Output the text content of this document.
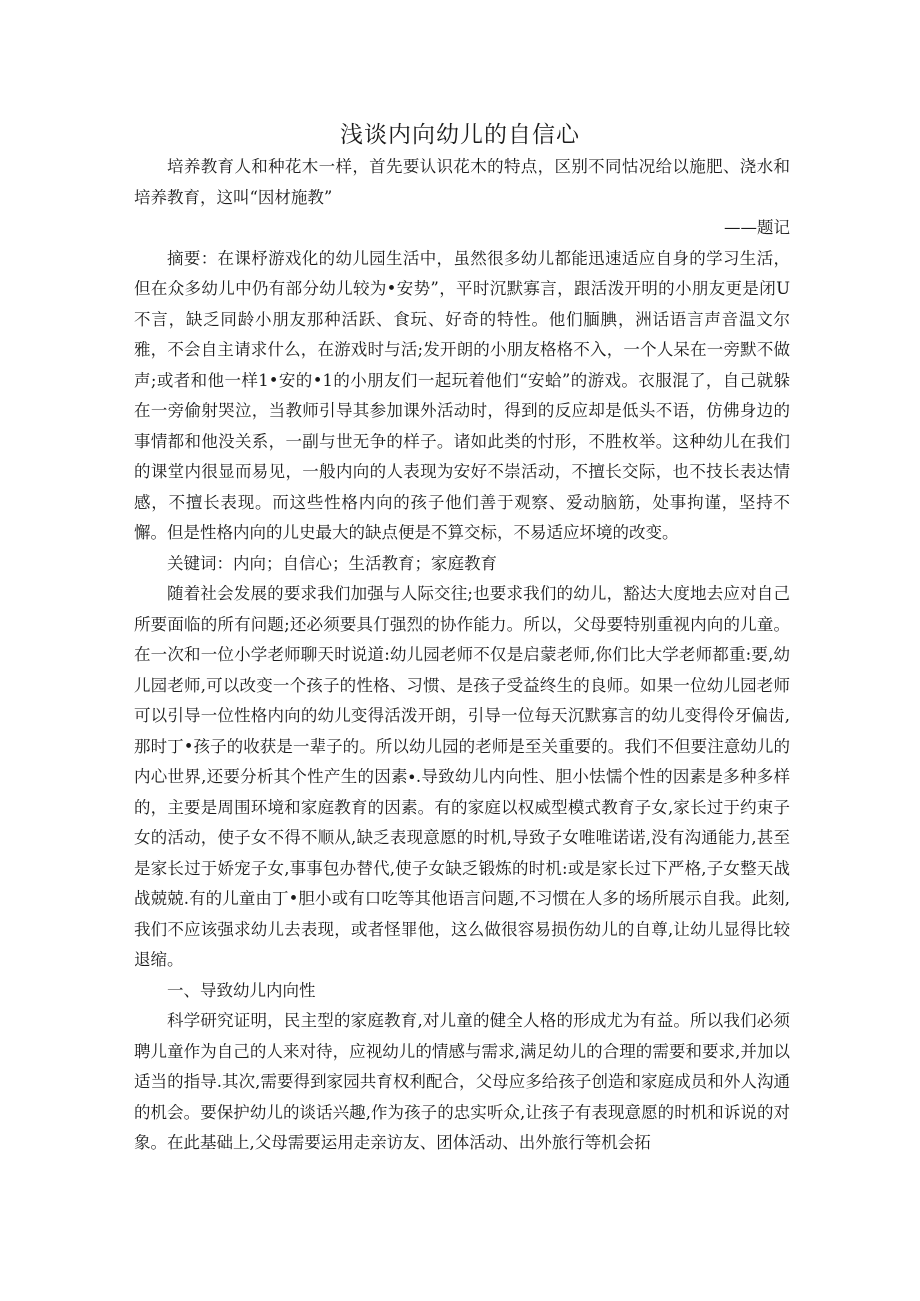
浅谈内向幼儿的自信心

培养教育人和种花木一样，首先要认识花木的特点，区别不同怙况给以施肥、浇水和培养教育，这叫“因材施教”

——题记

摘要：在课杼游戏化的幼儿园生活中，虽然很多幼儿都能迅速适应自身的学习生活，但在众多幼儿中仍有部分幼儿较为•安势”，平时沉默寡言，跟活泼开明的小朋友更是闭U不言，缺乏同龄小朋友那种活跃、食玩、好奇的特性。他们腼腆，洲话语言声音温文尔雅，不会自主请求什么，在游戏时与活;发开朗的小朋友格格不入，一个人呆在一旁默不做声;或者和他一样1•安的•1的小朋友们一起玩着他们“安蛤”的游戏。衣服混了，自己就躲在一旁偷射哭泣，当教师引导其参加课外活动时，得到的反应却是低头不语，仿佛身边的事情都和他没关系，一副与世无争的样子。诸如此类的忖形，不胜枚举。这种幼儿在我们的课堂内很显而易见，一般内向的人表现为安好不崇活动，不擅长交际，也不技长表达情感，不擅长表现。而这些性格内向的孩子他们善于观察、爱动脑筋，处事拘谨，坚持不懈。但是性格内向的儿史最大的缺点便是不算交标，不易适应坏境的改变。

关键词：内向；自信心；生活教育；家庭教育

随着社会发展的要求我们加强与人际交往;也要求我们的幼儿，豁达大度地去应对自己所要面临的所有问题;还必须要具仃强烈的协作能力。所以，父母要特别重视内向的儿童。在一次和一位小学老师聊天时说道:幼儿园老师不仅是启蒙老师,你们比大学老师都重:要,幼儿园老师,可以改变一个孩子的性格、习惯、是孩子受益终生的良师。如果一位幼儿园老师可以引导一位性格内向的幼儿变得活泼开朗，引导一位每天沉默寡言的幼儿变得伶牙偏齿,那时丁•孩子的收获是一辈子的。所以幼儿园的老师是至关重要的。我们不但要注意幼儿的内心世界,还要分析其个性产生的因素∙.导致幼儿内向性、胆小怯懦个性的因素是多种多样的，主要是周围环境和家庭教育的因素。有的家庭以权威型模式教育子女,家长过于约束子女的活动，使子女不得不顺从,缺乏表现意愿的时机,导致子女唯唯诺诺,没有沟通能力,甚至是家长过于娇宠子女,事事包办替代,使子女缺乏锻炼的时机:或是家长过下严格,子女整天战战兢兢.有的儿童由丁•胆小或有口吃等其他语言问题,不习惯在人多的场所展示自我。此刻,我们不应该强求幼儿去表现，或者怪罪他，这么做很容易损伤幼儿的自尊,让幼儿显得比较退缩。

一、导致幼儿内向性

科学研究证明，民主型的家庭教育,对儿童的健全人格的形成尤为有益。所以我们必须聘儿童作为自己的人来对待，应视幼儿的情感与需求,满足幼儿的合理的需要和要求,并加以适当的指导.其次,需要得到家园共育权利配合，父母应多给孩子创造和家庭成员和外人沟通的机会。要保护幼儿的谈话兴趣,作为孩子的忠实听众,让孩子有表现意愿的时机和诉说的对象。在此基础上,父母需要运用走亲访友、团体活动、出外旅行等机会拓
